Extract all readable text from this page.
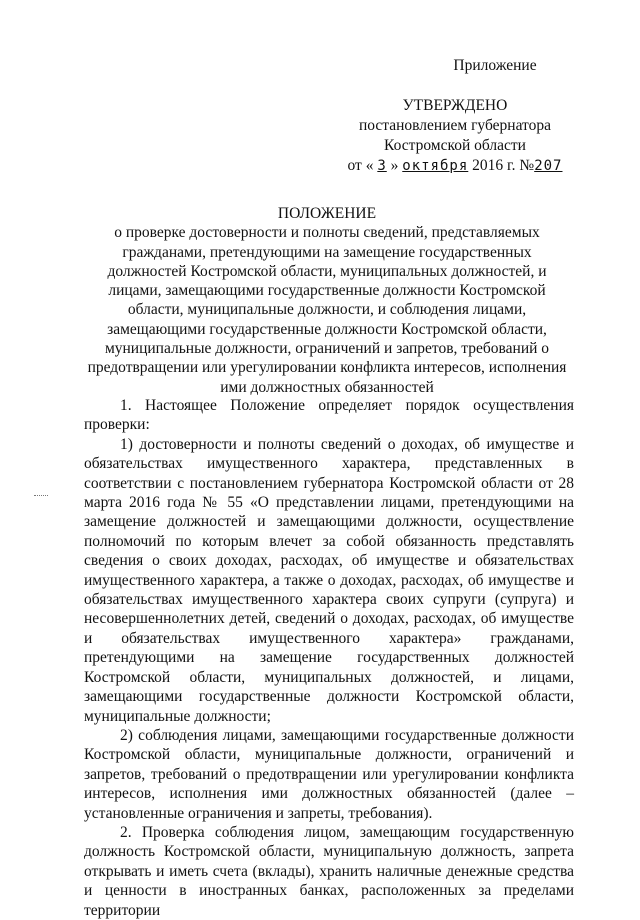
Приложение
УТВЕРЖДЕНО
постановлением губернатора
Костромской области
от « 3 » октября 2016 г. №207
ПОЛОЖЕНИЕ
о проверке достоверности и полноты сведений, представляемых гражданами, претендующими на замещение государственных должностей Костромской области, муниципальных должностей, и лицами, замещающими государственные должности Костромской области, муниципальные должности, и соблюдения лицами, замещающими государственные должности Костромской области, муниципальные должности, ограничений и запретов, требований о предотвращении или урегулировании конфликта интересов, исполнения ими должностных обязанностей

1. Настоящее Положение определяет порядок осуществления проверки:

1) достоверности и полноты сведений о доходах, об имуществе и обязательствах имущественного характера, представленных в соответствии с постановлением губернатора Костромской области от 28 марта 2016 года № 55 «О представлении лицами, претендующими на замещение должностей и замещающими должности, осуществление полномочий по которым влечет за собой обязанность представлять сведения о своих доходах, расходах, об имуществе и обязательствах имущественного характера, а также о доходах, расходах, об имуществе и обязательствах имущественного характера своих супруги (супруга) и несовершеннолетних детей, сведений о доходах, расходах, об имуществе и обязательствах имущественного характера» гражданами, претендующими на замещение государственных должностей Костромской области, муниципальных должностей, и лицами, замещающими государственные должности Костромской области, муниципальные должности;

2) соблюдения лицами, замещающими государственные должности Костромской области, муниципальные должности, ограничений и запретов, требований о предотвращении или урегулировании конфликта интересов, исполнения ими должностных обязанностей (далее – установленные ограничения и запреты, требования).

2. Проверка соблюдения лицом, замещающим государственную должность Костромской области, муниципальную должность, запрета открывать и иметь счета (вклады), хранить наличные денежные средства и ценности в иностранных банках, расположенных за пределами территории
